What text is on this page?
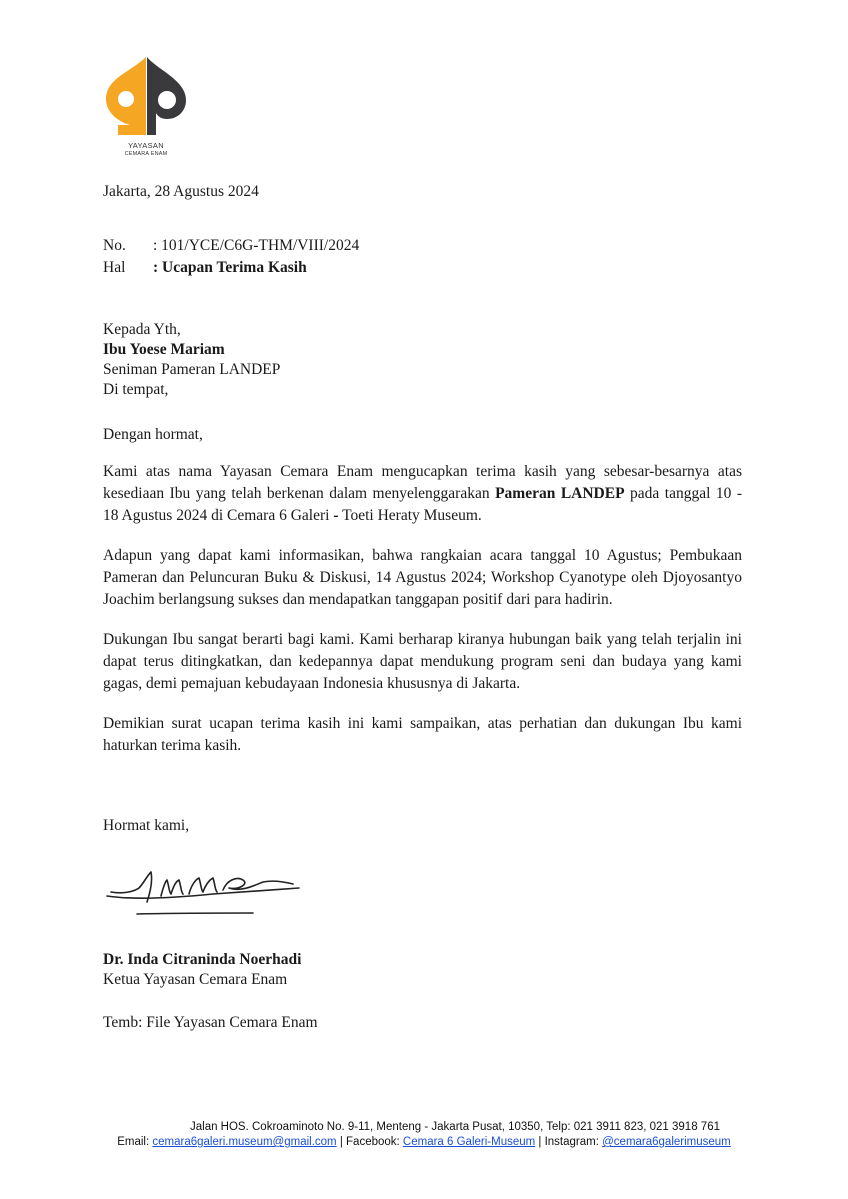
YAYASAN
CEMARA ENAM
Jakarta, 28 Agustus 2024
No. : 101/YCE/C6G-THM/VIII/2024
Hal : Ucapan Terima Kasih
Kepada Yth,
Ibu Yoese Mariam
Seniman Pameran LANDEP
Di tempat,
Dengan hormat,
Kami atas nama Yayasan Cemara Enam mengucapkan terima kasih yang sebesar-besarnya atas kesediaan Ibu yang telah berkenan dalam menyelenggarakan Pameran LANDEP pada tanggal 10 - 18 Agustus 2024 di Cemara 6 Galeri - Toeti Heraty Museum.
Adapun yang dapat kami informasikan, bahwa rangkaian acara tanggal 10 Agustus; Pembukaan Pameran dan Peluncuran Buku & Diskusi, 14 Agustus 2024; Workshop Cyanotype oleh Djoyosantyo Joachim berlangsung sukses dan mendapatkan tanggapan positif dari para hadirin.
Dukungan Ibu sangat berarti bagi kami. Kami berharap kiranya hubungan baik yang telah terjalin ini dapat terus ditingkatkan, dan kedepannya dapat mendukung program seni dan budaya yang kami gagas, demi pemajuan kebudayaan Indonesia khususnya di Jakarta.
Demikian surat ucapan terima kasih ini kami sampaikan, atas perhatian dan dukungan Ibu kami haturkan terima kasih.
Hormat kami,
Dr. Inda Citraninda Noerhadi
Ketua Yayasan Cemara Enam
Temb: File Yayasan Cemara Enam
Jalan HOS. Cokroaminoto No. 9-11, Menteng - Jakarta Pusat, 10350, Telp: 021 3911 823, 021 3918 761
Email: cemara6galeri.museum@gmail.com | Facebook: Cemara 6 Galeri-Museum | Instagram: @cemara6galerimuseum
